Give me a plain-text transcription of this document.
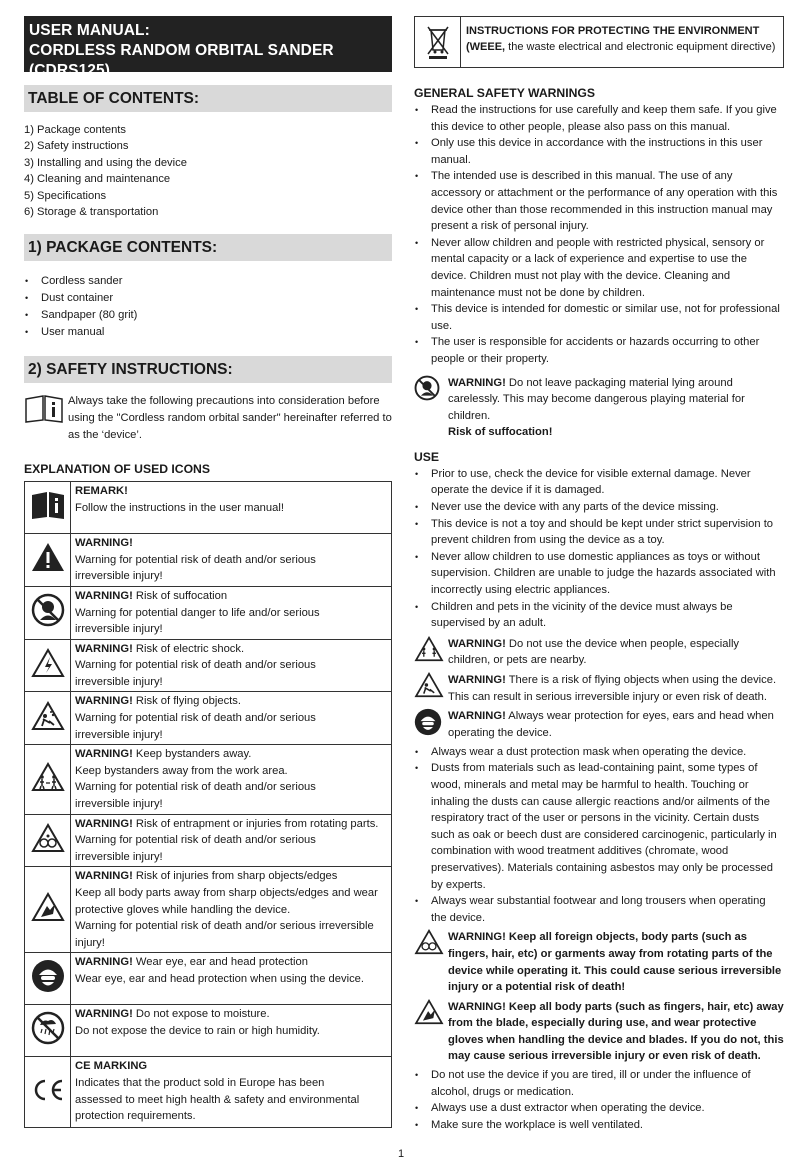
USER MANUAL:
CORDLESS RANDOM ORBITAL SANDER (CDRS125)
TABLE OF CONTENTS:
1) Package contents
2) Safety instructions
3) Installing and using the device
4) Cleaning and maintenance
5) Specifications
6) Storage & transportation
1) PACKAGE CONTENTS:
• Cordless sander
• Dust container
• Sandpaper (80 grit)
• User manual
2) SAFETY INSTRUCTIONS:
Always take the following precautions into consideration before using the "Cordless random orbital sander" hereinafter referred to as the ‘device’.
EXPLANATION OF USED ICONS
	REMARK!
Follow the instructions in the user manual!
	WARNING!
Warning for potential risk of death and/or serious
irreversible injury!
	WARNING! Risk of suffocation
Warning for potential danger to life and/or serious
irreversible injury!
	WARNING! Risk of electric shock.
Warning for potential risk of death and/or serious
irreversible injury!
	WARNING! Risk of flying objects.
Warning for potential risk of death and/or serious
irreversible injury!
	WARNING! Keep bystanders away.
Keep bystanders away from the work area.
Warning for potential risk of death and/or serious
irreversible injury!
	WARNING! Risk of entrapment or injuries from rotating parts.
Warning for potential risk of death and/or serious
irreversible injury!
	WARNING! Risk of injuries from sharp objects/edges
Keep all body parts away from sharp objects/edges and wear
protective gloves while handling the device.
Warning for potential risk of death and/or serious irreversible
injury!
	WARNING! Wear eye, ear and head protection
Wear eye, ear and head protection when using the device.
	WARNING! Do not expose to moisture.
Do not expose the device to rain or high humidity.
	CE MARKING
Indicates that the product sold in Europe has been
assessed to meet high health & safety and environmental
protection requirements.
INSTRUCTIONS FOR PROTECTING THE ENVIRONMENT
(WEEE, the waste electrical and electronic equipment directive)
GENERAL SAFETY WARNINGS
• Read the instructions for use carefully and keep them safe. If you give this device to other people, please also pass on this manual.
• Only use this device in accordance with the instructions in this user manual.
• The intended use is described in this manual. The use of any accessory or attachment or the performance of any operation with this device other than those recommended in this instruction manual may present a risk of personal injury.
• Never allow children and people with restricted physical, sensory or mental capacity or a lack of experience and expertise to use the device. Children must not play with the device. Cleaning and maintenance must not be done by children.
• This device is intended for domestic or similar use, not for professional use.
• The user is responsible for accidents or hazards occurring to other people or their property.
WARNING! Do not leave packaging material lying around carelessly. This may become dangerous playing material for children.
Risk of suffocation!
USE
• Prior to use, check the device for visible external damage. Never operate the device if it is damaged.
• Never use the device with any parts of the device missing.
• This device is not a toy and should be kept under strict supervision to prevent children from using the device as a toy.
• Never allow children to use domestic appliances as toys or without supervision. Children are unable to judge the hazards associated with incorrectly using electric appliances.
• Children and pets in the vicinity of the device must always be supervised by an adult.
WARNING! Do not use the device when people, especially children, or pets are nearby.
WARNING! There is a risk of flying objects when using the device. This can result in serious irreversible injury or even risk of death.
WARNING! Always wear protection for eyes, ears and head when operating the device.
• Always wear a dust protection mask when operating the device.
• Dusts from materials such as lead-containing paint, some types of wood, minerals and metal may be harmful to health. Touching or inhaling the dusts can cause allergic reactions and/or ailments of the respiratory tract of the user or persons in the vicinity. Certain dusts such as oak or beech dust are considered carcinogenic, particularly in combination with wood treatment additives (chromate, wood preservatives). Materials containing asbestos may only be processed by experts.
• Always wear substantial footwear and long trousers when operating the device.
WARNING! Keep all foreign objects, body parts (such as fingers, hair, etc) or garments away from rotating parts of the device while operating it. This could cause serious irreversible injury or a potential risk of death!
WARNING! Keep all body parts (such as fingers, hair, etc) away from the blade, especially during use, and wear protective gloves when handling the device and blades. If you do not, this may cause serious irreversible injury or even risk of death.
• Do not use the device if you are tired, ill or under the influence of alcohol, drugs or medication.
• Always use a dust extractor when operating the device.
• Make sure the workplace is well ventilated.
1
